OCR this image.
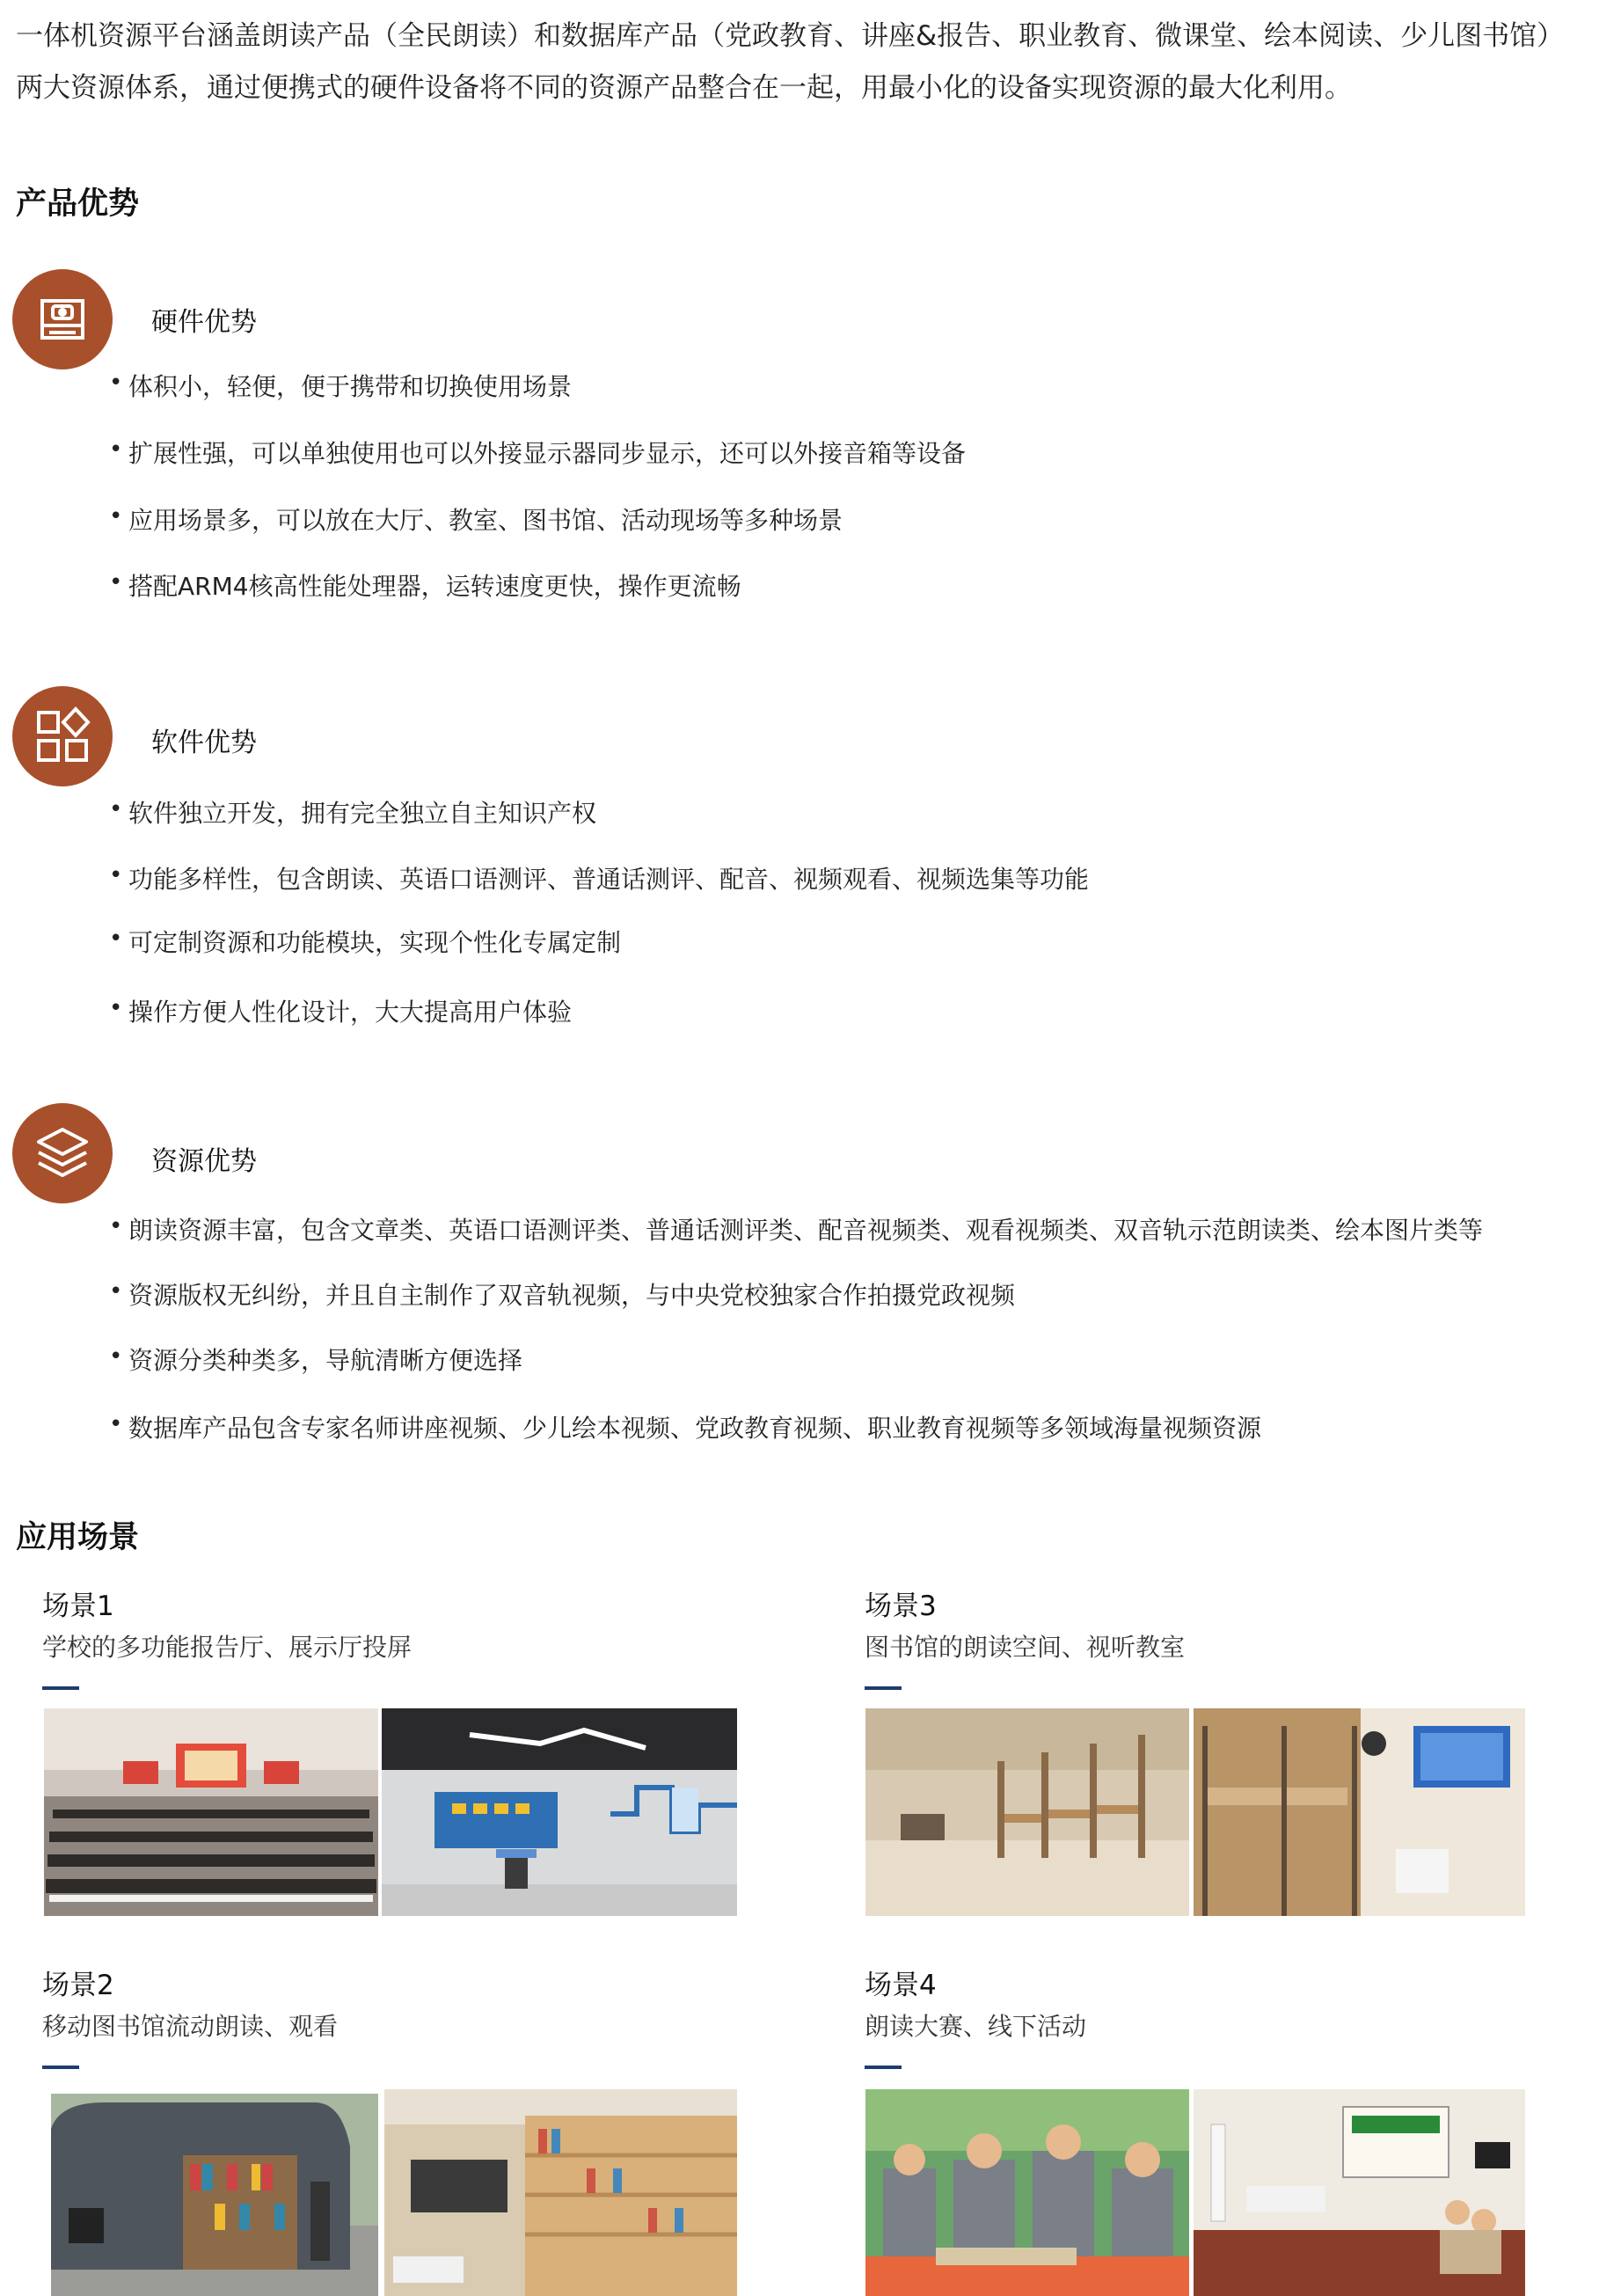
一体机资源平台涵盖朗读产品（全民朗读）和数据库产品（党政教育、讲座&报告、职业教育、微课堂、绘本阅读、少儿图书馆）

两大资源体系，通过便携式的硬件设备将不同的资源产品整合在一起，用最小化的设备实现资源的最大化利用。

产品优势
硬件优势
• 体积小，轻便，便于携带和切换使用场景
• 扩展性强，可以单独使用也可以外接显示器同步显示，还可以外接音箱等设备
• 应用场景多，可以放在大厅、教室、图书馆、活动现场等多种场景
• 搭配ARM4核高性能处理器，运转速度更快，操作更流畅
软件优势
• 软件独立开发，拥有完全独立自主知识产权
• 功能多样性，包含朗读、英语口语测评、普通话测评、配音、视频观看、视频选集等功能
• 可定制资源和功能模块，实现个性化专属定制
• 操作方便人性化设计，大大提高用户体验
资源优势
• 朗读资源丰富，包含文章类、英语口语测评类、普通话测评类、配音视频类、观看视频类、双音轨示范朗读类、绘本图片类等
• 资源版权无纠纷，并且自主制作了双音轨视频，与中央党校独家合作拍摄党政视频
• 资源分类种类多，导航清晰方便选择
• 数据库产品包含专家名师讲座视频、少儿绘本视频、党政教育视频、职业教育视频等多领域海量视频资源
应用场景
场景1
学校的多功能报告厅、展示厅投屏
场景3
图书馆的朗读空间、视听教室
场景2
移动图书馆流动朗读、观看
场景4
朗读大赛、线下活动
